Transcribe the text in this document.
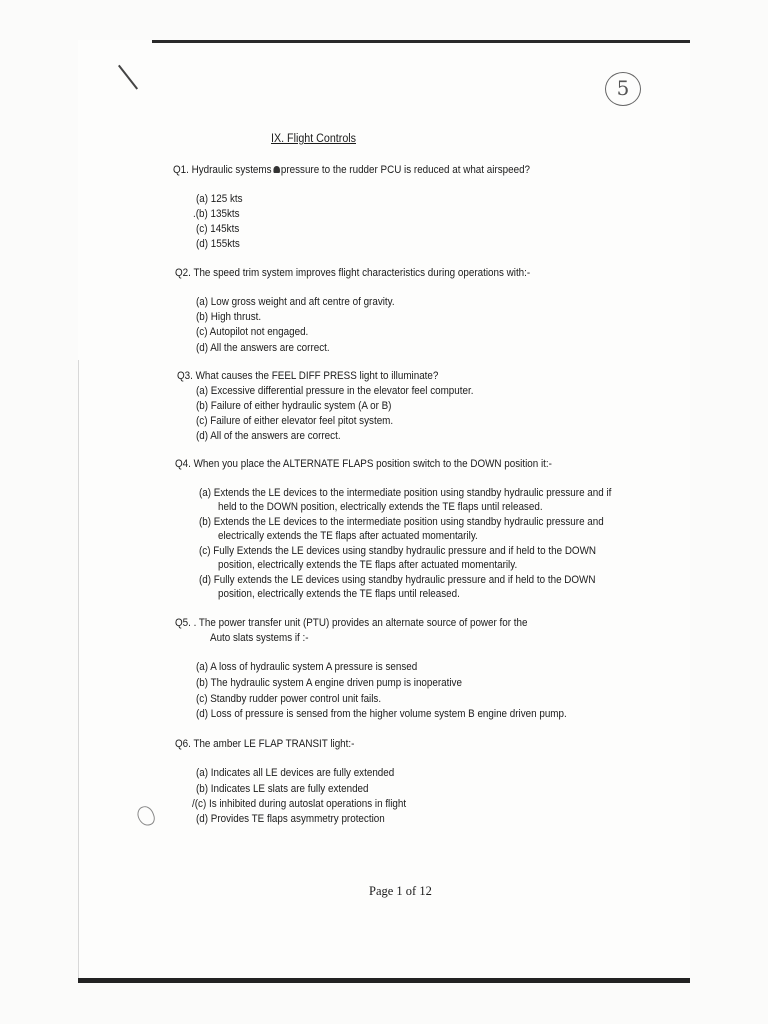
5
IX. Flight Controls
Q1. Hydraulic systems pressure to the rudder PCU is reduced at what airspeed?
(a) 125 kts
.(b) 135kts
(c) 145kts
(d) 155kts
Q2. The speed trim system improves flight characteristics during operations with:-
(a) Low gross weight and aft centre of gravity.
(b) High thrust.
(c) Autopilot not engaged.
(d) All the answers are correct.
Q3. What causes the FEEL DIFF PRESS light to illuminate?
(a) Excessive differential pressure in the elevator feel computer.
(b) Failure of either hydraulic system (A or B)
(c) Failure of either elevator feel pitot system.
(d) All of the answers are correct.
Q4. When you place the ALTERNATE FLAPS position switch to the DOWN position it:-
(a) Extends the LE devices to the intermediate position using standby hydraulic pressure and if
held to the DOWN position, electrically extends the TE flaps until released.
(b) Extends the LE devices to the intermediate position using standby hydraulic pressure and
electrically extends the TE flaps after actuated momentarily.
(c) Fully Extends the LE devices using standby hydraulic pressure and if held to the DOWN
position, electrically extends the TE flaps after actuated momentarily.
(d) Fully extends the LE devices using standby hydraulic pressure and if held to the DOWN
position, electrically extends the TE flaps until released.
Q5. . The power transfer unit (PTU) provides an alternate source of power for the
Auto slats systems if :-
(a) A loss of hydraulic system A pressure is sensed
(b) The hydraulic system A engine driven pump is inoperative
(c) Standby rudder power control unit fails.
(d) Loss of pressure is sensed from the higher volume system B engine driven pump.
Q6. The amber LE FLAP TRANSIT light:-
(a) Indicates all LE devices are fully extended
(b) Indicates LE slats are fully extended
/(c) Is inhibited during autoslat operations in flight
(d) Provides TE flaps asymmetry protection
Page 1 of 12
